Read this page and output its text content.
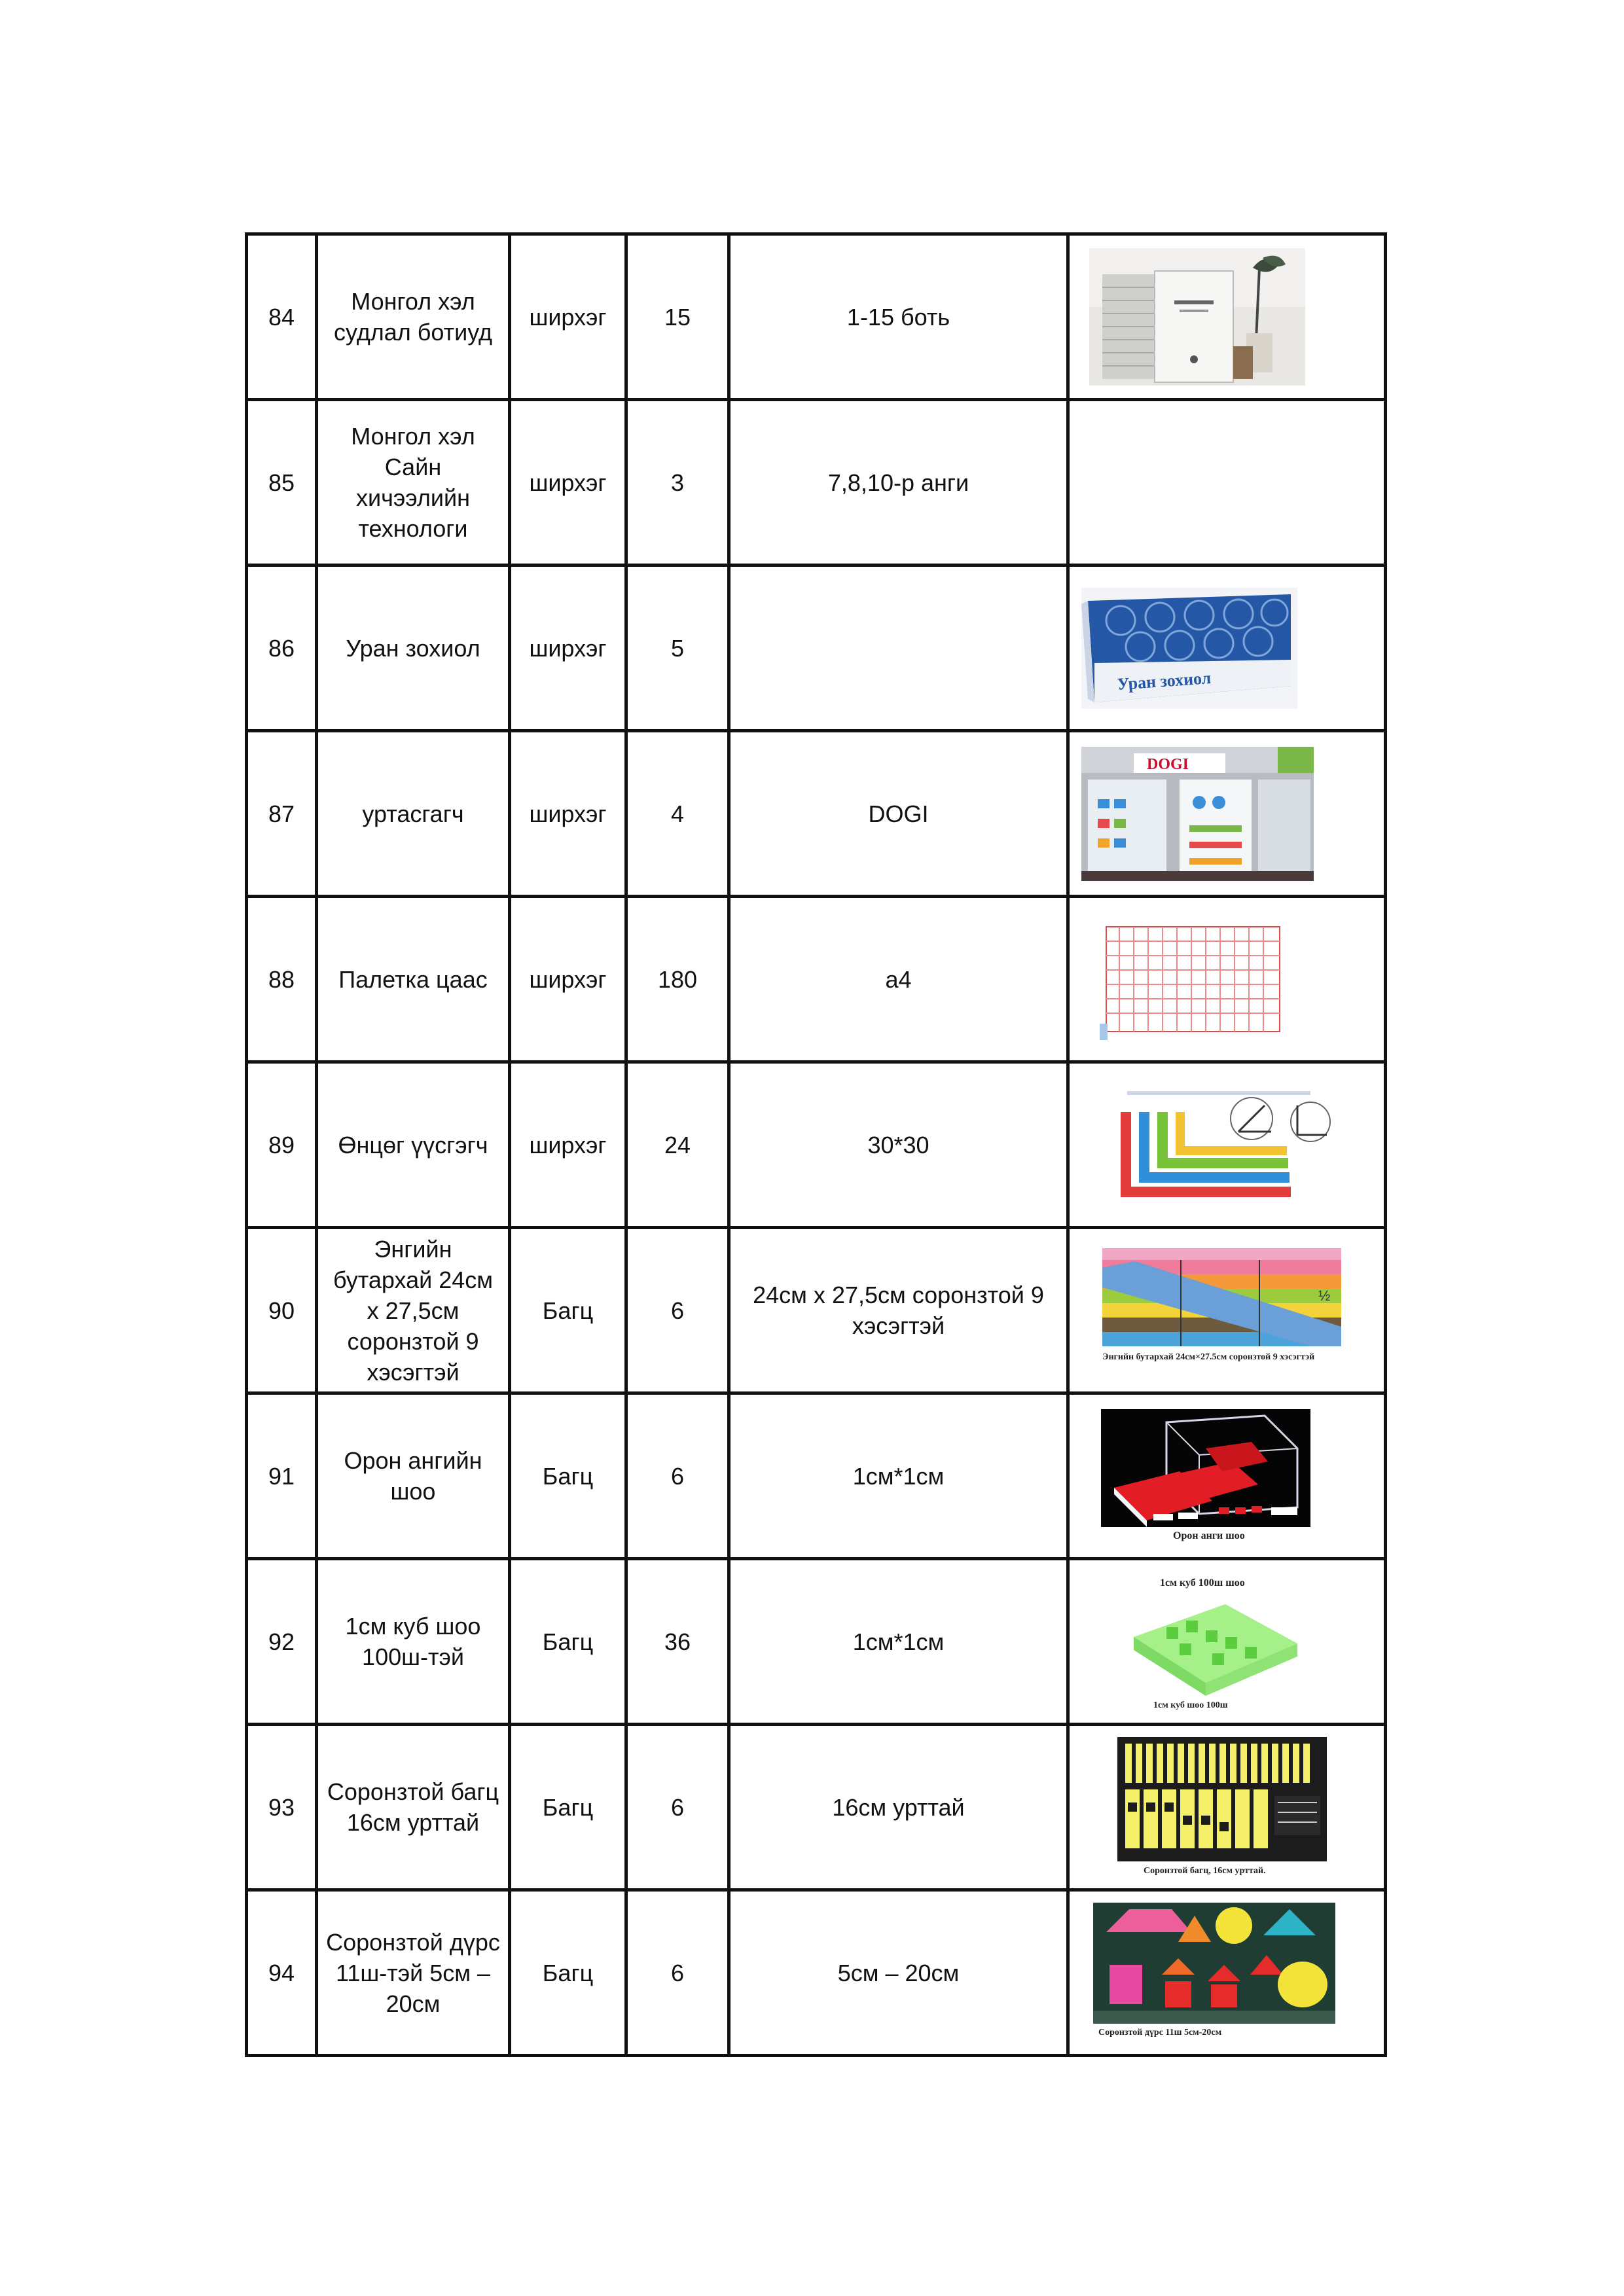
84	Монгол хэл судлал ботиуд	ширхэг	15	1-15 боть	

85	Монгол хэл Сайн хичээлийн технологи	ширхэг	3	7,8,10-р анги	
86	Уран зохиол	ширхэг	5		Уран зохиол

87	уртасгагч	ширхэг	4	DOGI	DOGI

88	Палетка цаас	ширхэг	180	a4	

89	Өнцөг үүсгэгч	ширхэг	24	30*30	

90	Энгийн бутархай 24см x 27,5см соронзтой 9 хэсэгтэй	Багц	6	24см x 27,5см соронзтой 9 хэсэгтэй	½
Энгийн бутархай 24см×27.5см соронзтой 9 хэсэгтэй

91	Орон ангийн шоо	Багц	6	1см*1см	Орон анги шоо

92	1см куб шоо 100ш-тэй	Багц	36	1см*1см	1см куб 100ш шоо
1см куб шоо 100ш

93	Соронзтой багц 16см урттай	Багц	6	16см урттай	Соронзтой багц, 16см урттай.

94	Соронзтой дүрс 11ш-тэй 5см – 20см	Багц	6	5см – 20см	Соронзтой дүрс 11ш 5см-20см
